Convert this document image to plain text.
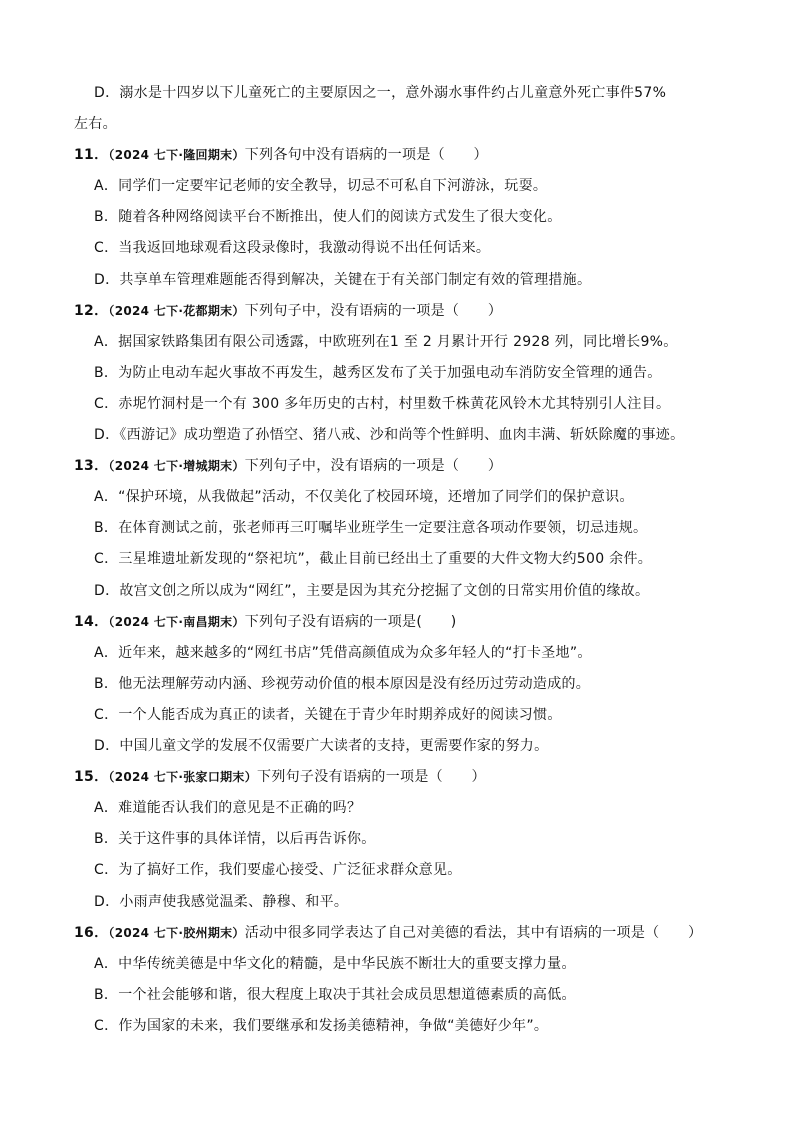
D．溺水是十四岁以下儿童死亡的主要原因之一，意外溺水事件约占儿童意外死亡事件57%
左右。
11．（2024 七下·隆回期末）下列各句中没有语病的一项是（　　）
A．同学们一定要牢记老师的安全教导，切忌不可私自下河游泳，玩耍。
B．随着各种网络阅读平台不断推出，使人们的阅读方式发生了很大变化。
C．当我返回地球观看这段录像时，我激动得说不出任何话来。
D．共享单车管理难题能否得到解决，关键在于有关部门制定有效的管理措施。
12．（2024 七下·花都期末）下列句子中，没有语病的一项是（　　）
A．据国家铁路集团有限公司透露，中欧班列在1 至 2 月累计开行 2928 列，同比增长9%。
B．为防止电动车起火事故不再发生，越秀区发布了关于加强电动车消防安全管理的通告。
C．赤坭竹洞村是一个有 300 多年历史的古村，村里数千株黄花风铃木尤其特别引人注目。
D．《西游记》成功塑造了孙悟空、猪八戒、沙和尚等个性鲜明、血肉丰满、斩妖除魔的事迹。
13．（2024 七下·增城期末）下列句子中，没有语病的一项是（　　）
A．“保护环境，从我做起”活动，不仅美化了校园环境，还增加了同学们的保护意识。
B．在体育测试之前，张老师再三叮嘱毕业班学生一定要注意各项动作要领，切忌违规。
C．三星堆遗址新发现的“祭祀坑”，截止目前已经出土了重要的大件文物大约500 余件。
D．故宫文创之所以成为“网红”，主要是因为其充分挖掘了文创的日常实用价值的缘故。
14．（2024 七下·南昌期末）下列句子没有语病的一项是(　　)
A．近年来，越来越多的“网红书店”凭借高颜值成为众多年轻人的“打卡圣地”。
B．他无法理解劳动内涵、珍视劳动价值的根本原因是没有经历过劳动造成的。
C．一个人能否成为真正的读者，关键在于青少年时期养成好的阅读习惯。
D．中国儿童文学的发展不仅需要广大读者的支持，更需要作家的努力。
15．（2024 七下·张家口期末）下列句子没有语病的一项是（　　）
A．难道能否认我们的意见是不正确的吗？
B．关于这件事的具体详情，以后再告诉你。
C．为了搞好工作，我们要虚心接受、广泛征求群众意见。
D．小雨声使我感觉温柔、静穆、和平。
16．（2024 七下·胶州期末）活动中很多同学表达了自己对美德的看法，其中有语病的一项是（　　）
A．中华传统美德是中华文化的精髓，是中华民族不断壮大的重要支撑力量。
B．一个社会能够和谐，很大程度上取决于其社会成员思想道德素质的高低。
C．作为国家的未来，我们要继承和发扬美德精神，争做“美德好少年”。
